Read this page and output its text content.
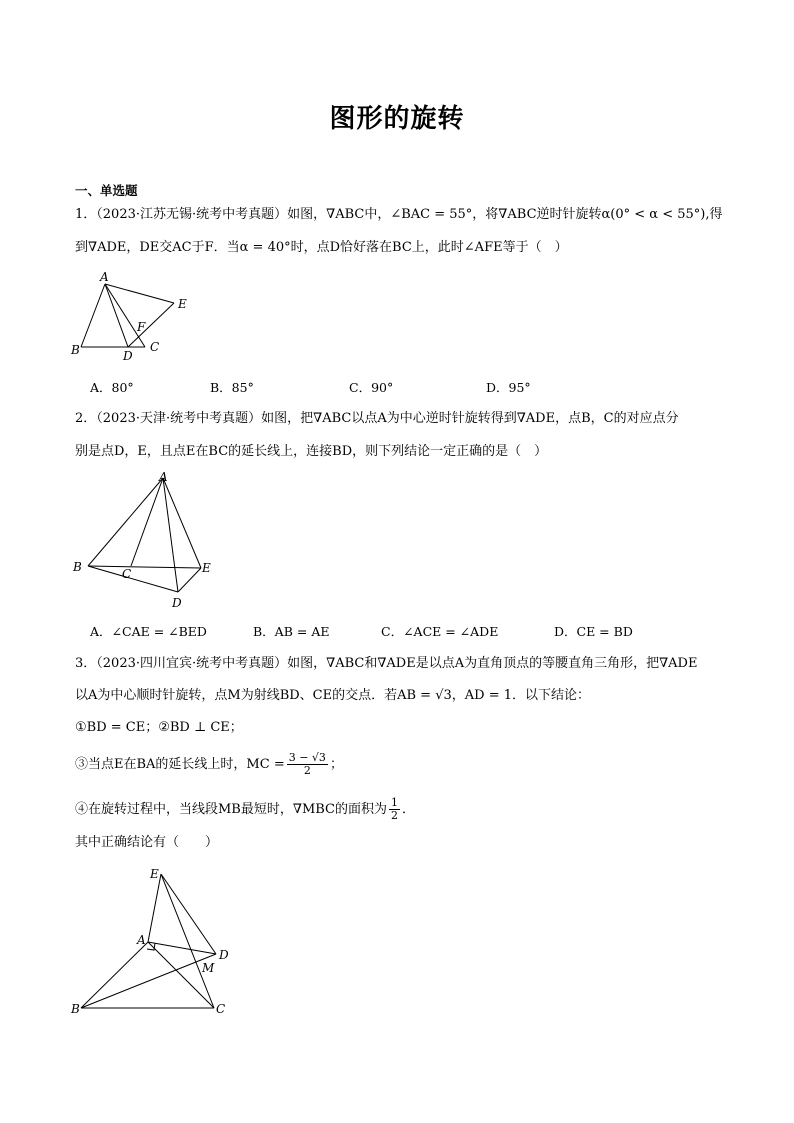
图形的旋转
一、单选题
1．（2023·江苏无锡·统考中考真题）如图，∇ABC中，∠BAC = 55°，将∇ABC逆时针旋转α(0° < α < 55°),得
到∇ADE，DE交AC于F．当α = 40°时，点D恰好落在BC上，此时∠AFE等于（　）
A
B	C
D
E
F
A．80°	B．85°	C．90°	D．95°
2．（2023·天津·统考中考真题）如图，把∇ABC以点A为中心逆时针旋转得到∇ADE，点B，C的对应点分
别是点D，E，且点E在BC的延长线上，连接BD，则下列结论一定正确的是（　）
A
B	C
D
E
A．∠CAE = ∠BED	B．AB = AE	C．∠ACE = ∠ADE	D．CE = BD
3．（2023·四川宜宾·统考中考真题）如图，∇ABC和∇ADE是以点A为直角顶点的等腰直角三角形，把∇ADE
以A为中心顺时针旋转，点M为射线BD、CE的交点．若AB = √3，AD = 1．以下结论：
①BD = CE；②BD ⊥ CE；
③当点E在BA的延长线上时，MC = $\frac{3 - √3}{2}$ ；
④在旋转过程中，当线段MB最短时，∇MBC的面积为 $\frac{1}{2}$ ．
其中正确结论有（　　）
E
A
D
M
B	C
